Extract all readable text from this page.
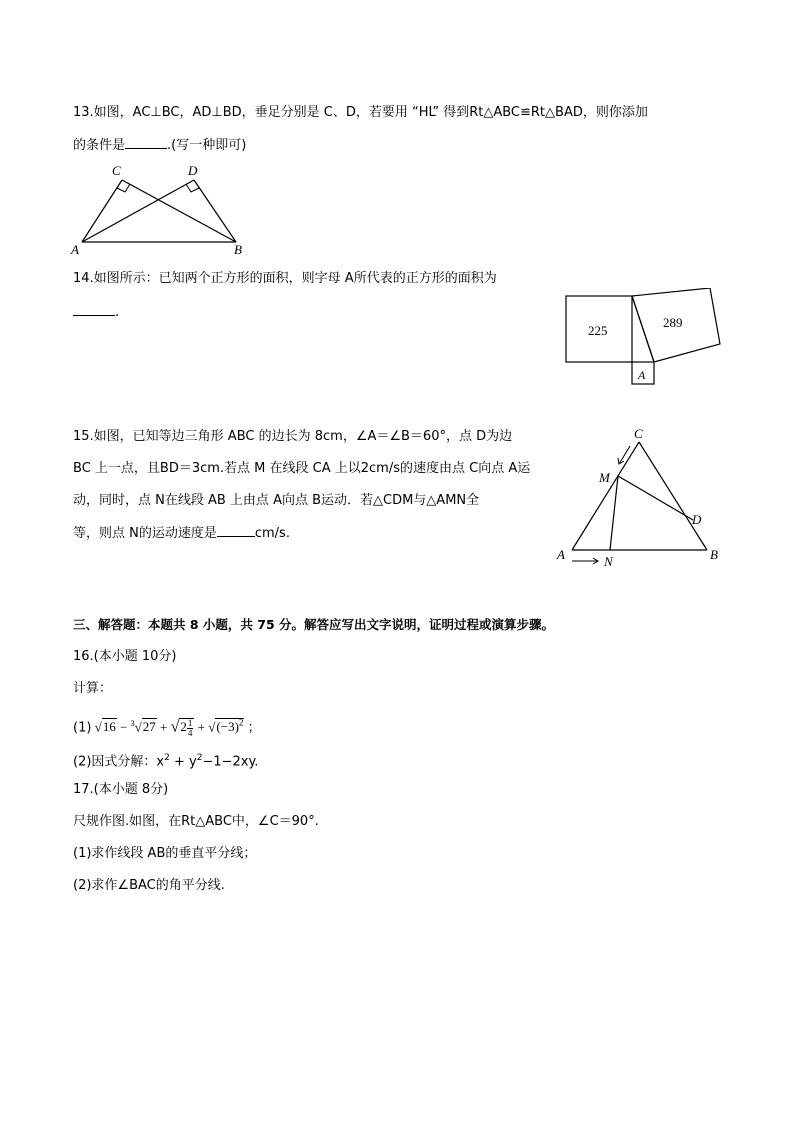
13.如图，AC⊥BC，AD⊥BD，垂足分别是 C、D，若要用 “HL” 得到Rt△ABC≌Rt△BAD，则你添加
的条件是	.(写一种即可)
C	D
A	B
14.如图所示：已知两个正方形的面积，则字母 A所代表的正方形的面积为
.
225
289
A
15.如图，已知等边三角形 ABC 的边长为 8cm，∠A＝∠B＝60°，点 D为边
BC 上一点，且BD＝3cm.若点 M 在线段 CA 上以2cm/s的速度由点 C向点 A运
动，同时，点 N在线段 AB 上由点 A向点 B运动．若△CDM与△AMN全
等，则点 N的运动速度是	cm/s.
C
M
D
A	N	B
三、解答题：本题共 8 小题，共 75 分。解答应写出文字说明，证明过程或演算步骤。
16.(本小题 10分)
计算：
(1) $√16 - ^3√27 + √2 \frac{1}{4} + √(-3)^2$ ；
(2)因式分解：$x^2 + y^2-1-2xy$.
17.(本小题 8分)
尺规作图.如图，在Rt△ABC中，∠C＝90°.
(1)求作线段 AB的垂直平分线；
(2)求作∠BAC的角平分线.
